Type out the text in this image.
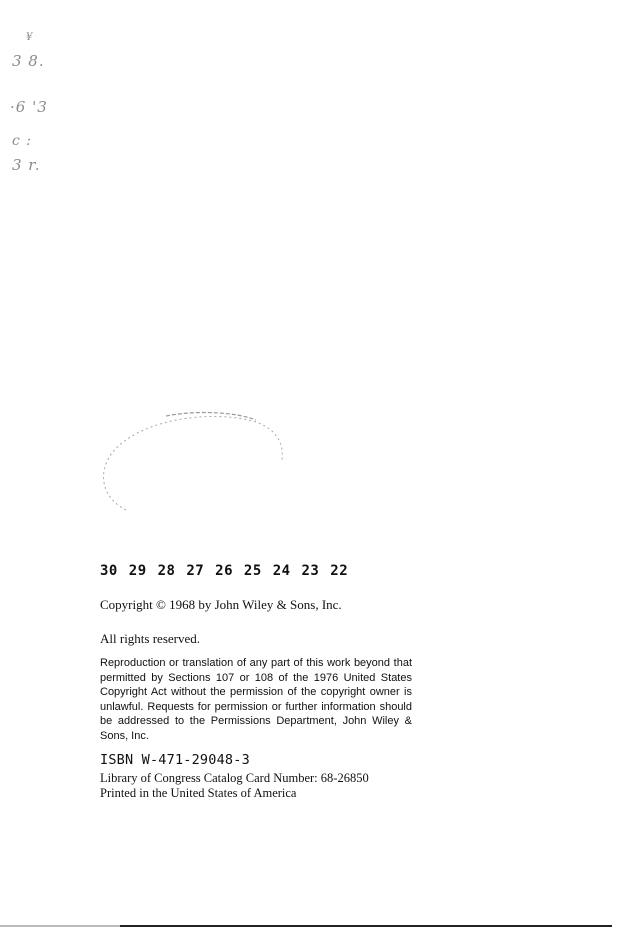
¥
3 8.
·6 '3
c :
3 r.
30 29 28 27 26 25 24 23 22
Copyright © 1968 by John Wiley & Sons, Inc.
All rights reserved.
Reproduction or translation of any part of this work beyond that permitted by Sections 107 or 108 of the 1976 United States Copyright Act without the permission of the copyright owner is unlawful. Requests for permission or further information should be addressed to the Permissions Department, John Wiley & Sons, Inc.
ISBN W-471-29048-3
Library of Congress Catalog Card Number: 68-26850
Printed in the United States of America
